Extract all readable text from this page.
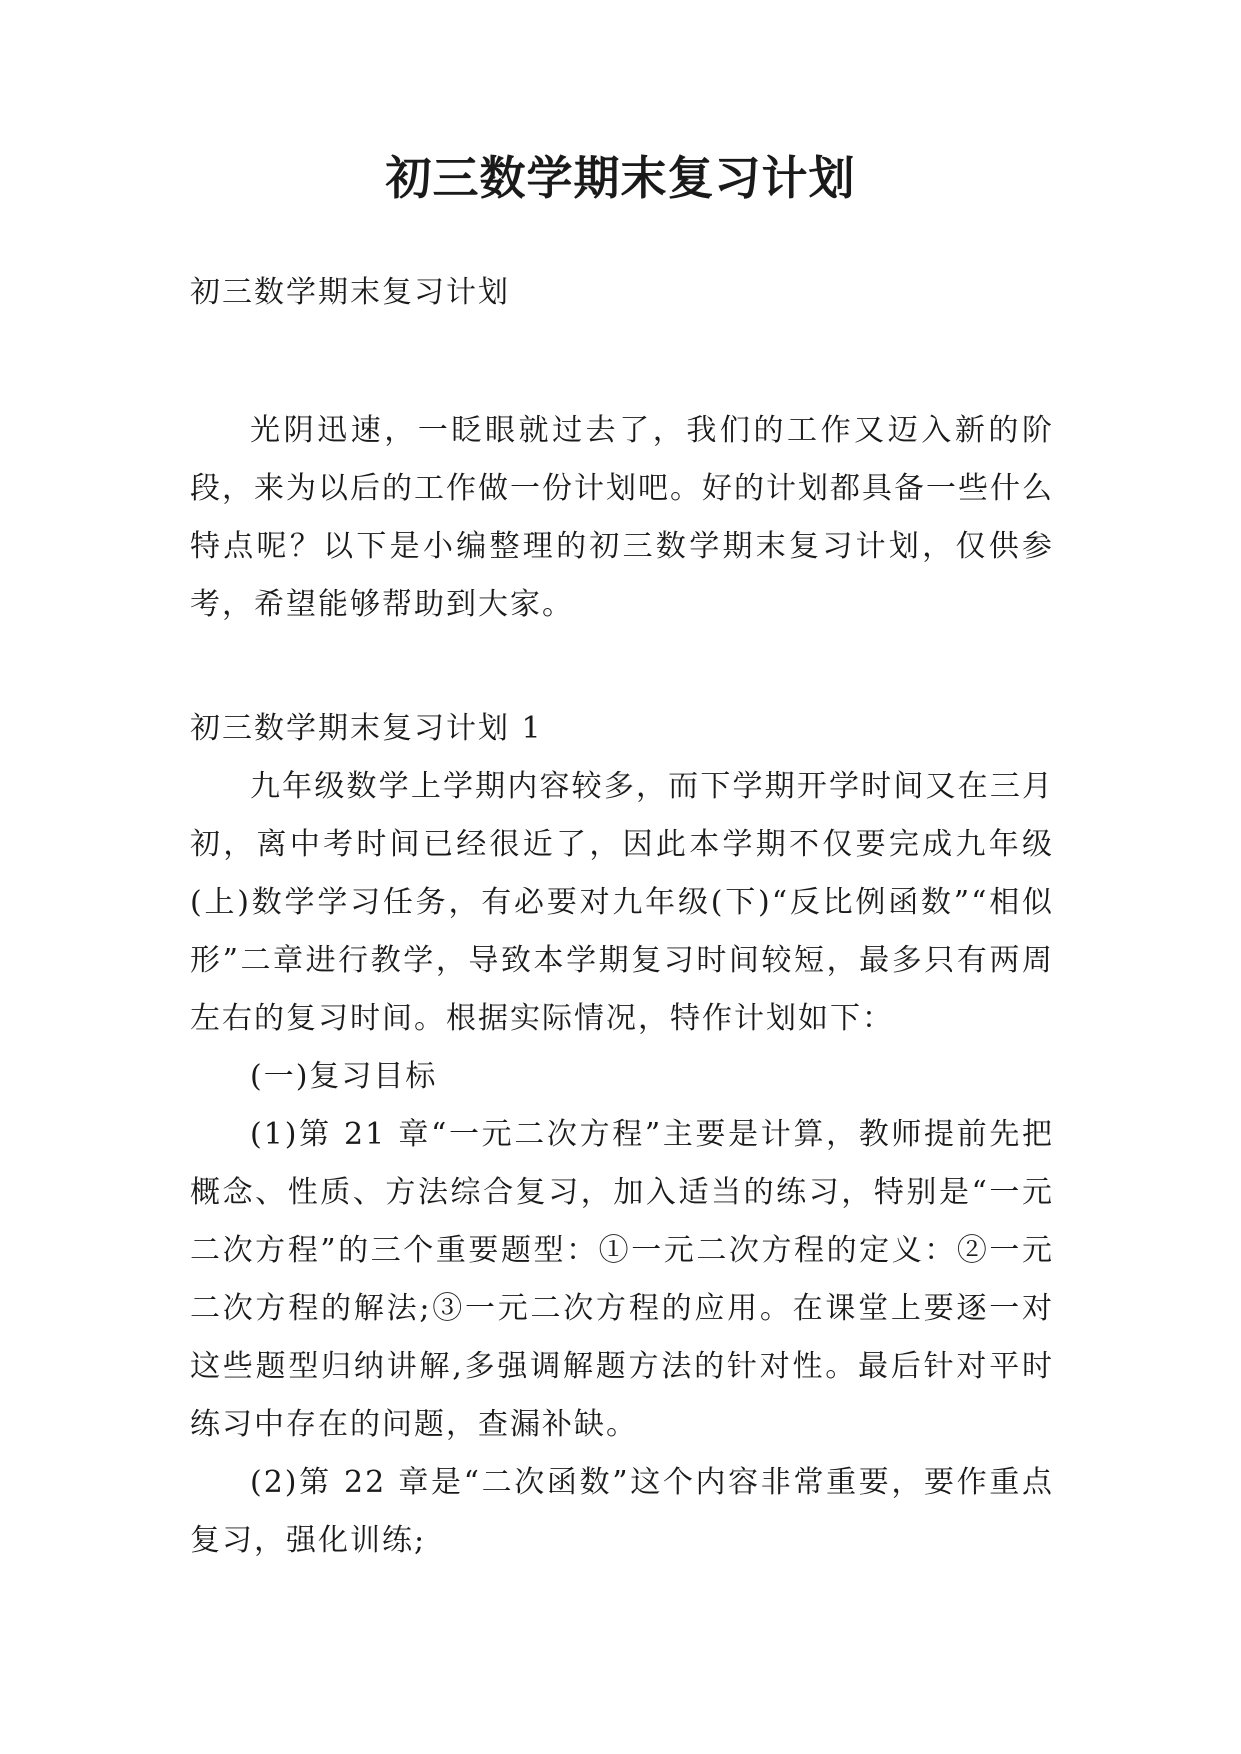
初三数学期末复习计划
初三数学期末复习计划

光阴迅速，一眨眼就过去了，我们的工作又迈入新的阶段，来为以后的工作做一份计划吧。好的计划都具备一些什么特点呢？以下是小编整理的初三数学期末复习计划，仅供参考，希望能够帮助到大家。

初三数学期末复习计划 1

九年级数学上学期内容较多，而下学期开学时间又在三月初，离中考时间已经很近了，因此本学期不仅要完成九年级(上)数学学习任务，有必要对九年级(下)“反比例函数”“相似形”二章进行教学，导致本学期复习时间较短，最多只有两周左右的复习时间。根据实际情况，特作计划如下：

(一)复习目标

(1)第 21 章“一元二次方程”主要是计算，教师提前先把概念、性质、方法综合复习，加入适当的练习，特别是“一元二次方程”的三个重要题型：①一元二次方程的定义：②一元二次方程的解法;③一元二次方程的应用。在课堂上要逐一对这些题型归纳讲解,多强调解题方法的针对性。最后针对平时练习中存在的问题，查漏补缺。

(2)第 22 章是“二次函数”这个内容非常重要，要作重点复习，强化训练;
